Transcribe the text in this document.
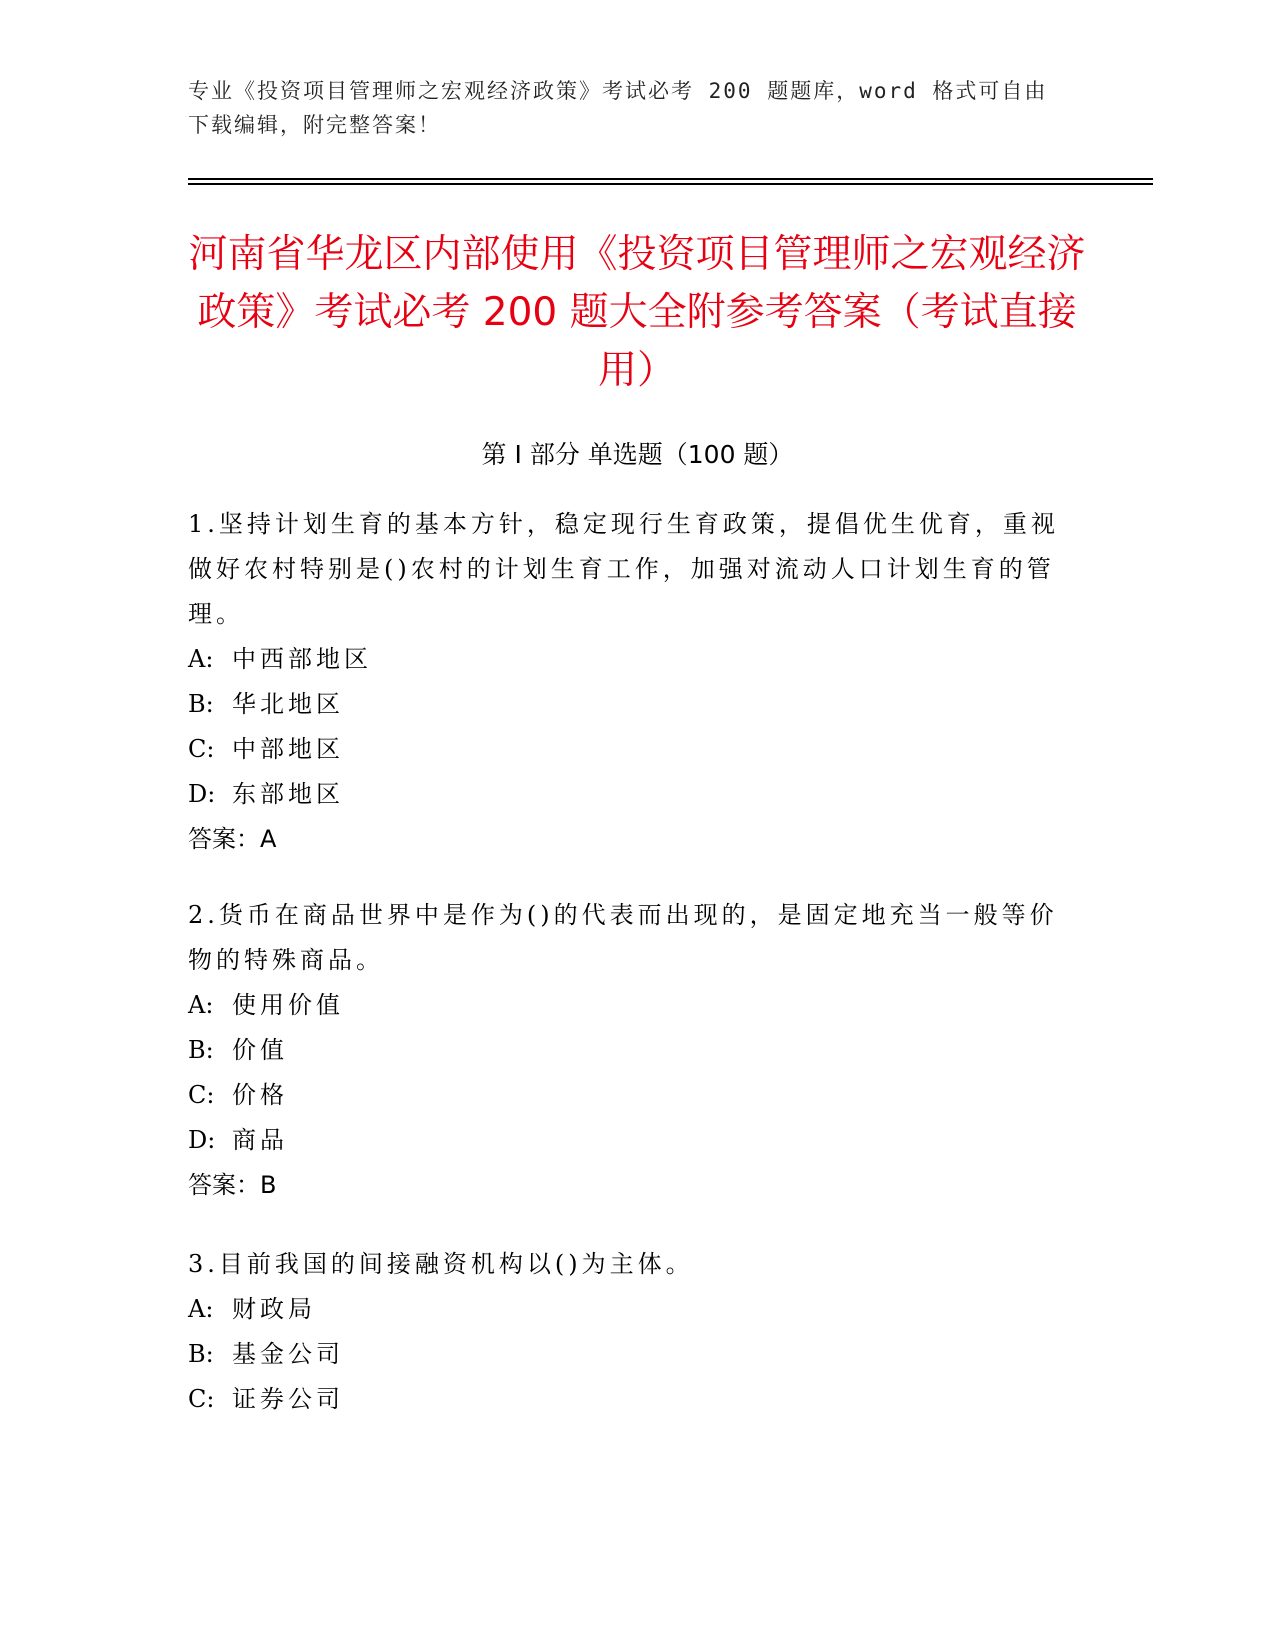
专业《投资项目管理师之宏观经济政策》考试必考 200 题题库，word 格式可自由下载编辑，附完整答案！

河南省华龙区内部使用《投资项目管理师之宏观经济政策》考试必考 200 题大全附参考答案（考试直接用）
第 I 部分 单选题（100 题）

1.坚持计划生育的基本方针，稳定现行生育政策，提倡优生优育，重视做好农村特别是()农村的计划生育工作，加强对流动人口计划生育的管理。

A: 中西部地区

B: 华北地区

C: 中部地区

D: 东部地区

答案：A

2.货币在商品世界中是作为()的代表而出现的，是固定地充当一般等价物的特殊商品。

A: 使用价值

B: 价值

C: 价格

D: 商品

答案：B

3.目前我国的间接融资机构以()为主体。

A: 财政局

B: 基金公司

C: 证券公司
